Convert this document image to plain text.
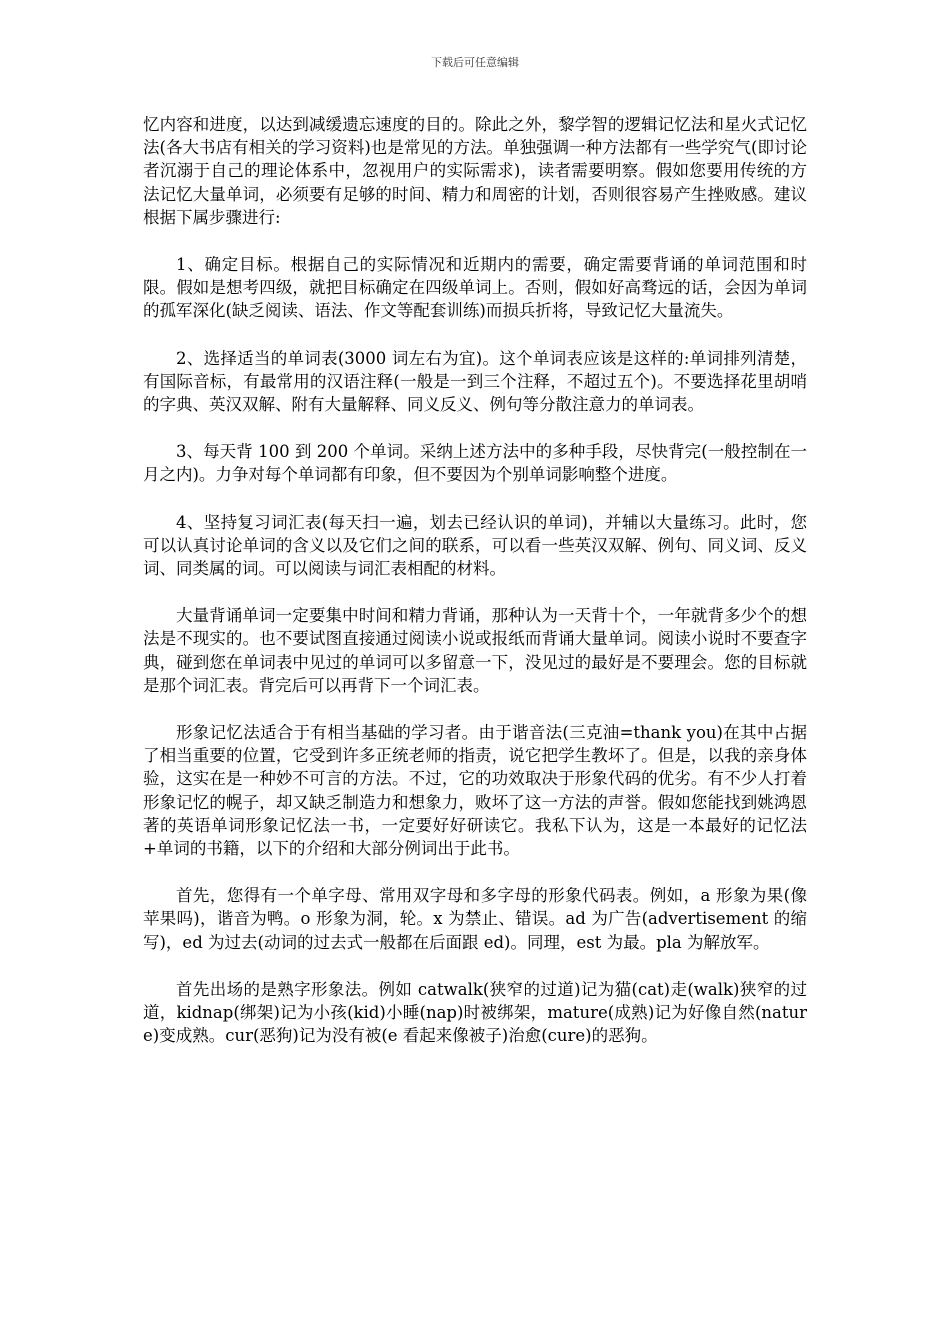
下载后可任意编辑

忆内容和进度，以达到减缓遗忘速度的目的。除此之外，黎学智的逻辑记忆法和星火式记忆法(各大书店有相关的学习资料)也是常见的方法。单独强调一种方法都有一些学究气(即讨论者沉溺于自己的理论体系中，忽视用户的实际需求)，读者需要明察。假如您要用传统的方法记忆大量单词，必须要有足够的时间、精力和周密的计划，否则很容易产生挫败感。建议根据下属步骤进行:

1、确定目标。根据自己的实际情况和近期内的需要，确定需要背诵的单词范围和时限。假如是想考四级，就把目标确定在四级单词上。否则，假如好高骛远的话，会因为单词的孤军深化(缺乏阅读、语法、作文等配套训练)而损兵折将，导致记忆大量流失。

2、选择适当的单词表(3000 词左右为宜)。这个单词表应该是这样的:单词排列清楚，有国际音标，有最常用的汉语注释(一般是一到三个注释，不超过五个)。不要选择花里胡哨的字典、英汉双解、附有大量解释、同义反义、例句等分散注意力的单词表。

3、每天背 100 到 200 个单词。采纳上述方法中的多种手段，尽快背完(一般控制在一月之内)。力争对每个单词都有印象，但不要因为个别单词影响整个进度。

4、坚持复习词汇表(每天扫一遍，划去已经认识的单词)，并辅以大量练习。此时，您可以认真讨论单词的含义以及它们之间的联系，可以看一些英汉双解、例句、同义词、反义词、同类属的词。可以阅读与词汇表相配的材料。

大量背诵单词一定要集中时间和精力背诵，那种认为一天背十个，一年就背多少个的想法是不现实的。也不要试图直接通过阅读小说或报纸而背诵大量单词。阅读小说时不要查字典，碰到您在单词表中见过的单词可以多留意一下，没见过的最好是不要理会。您的目标就是那个词汇表。背完后可以再背下一个词汇表。

形象记忆法适合于有相当基础的学习者。由于谐音法(三克油=thank you)在其中占据了相当重要的位置，它受到许多正统老师的指责，说它把学生教坏了。但是，以我的亲身体验，这实在是一种妙不可言的方法。不过，它的功效取决于形象代码的优劣。有不少人打着形象记忆的幌子，却又缺乏制造力和想象力，败坏了这一方法的声誉。假如您能找到姚鸿恩著的英语单词形象记忆法一书，一定要好好研读它。我私下认为，这是一本最好的记忆法+单词的书籍，以下的介绍和大部分例词出于此书。

首先，您得有一个单字母、常用双字母和多字母的形象代码表。例如，a 形象为果(像苹果吗)，谐音为鸭。o 形象为洞，轮。x 为禁止、错误。ad 为广告(advertisement 的缩写)，ed 为过去(动词的过去式一般都在后面跟 ed)。同理，est 为最。pla 为解放军。

首先出场的是熟字形象法。例如 catwalk(狭窄的过道)记为猫(cat)走(walk)狭窄的过道，kidnap(绑架)记为小孩(kid)小睡(nap)时被绑架，mature(成熟)记为好像自然(nature)变成熟。cur(恶狗)记为没有被(e 看起来像被子)治愈(cure)的恶狗。
